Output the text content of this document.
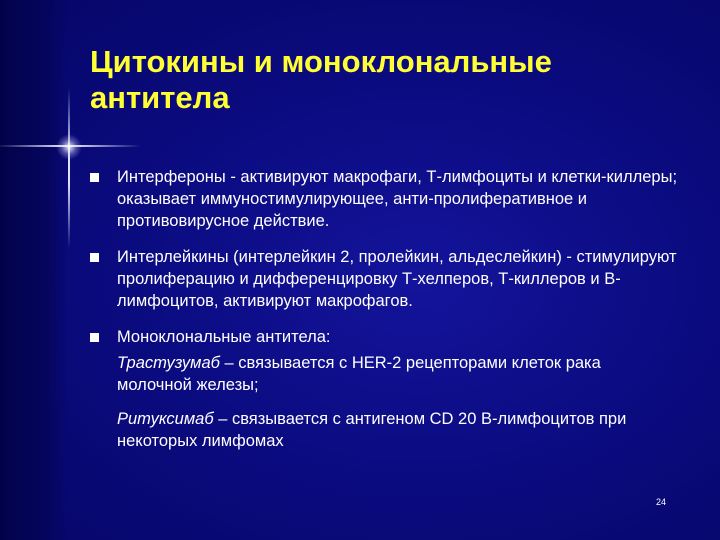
Цитокины и моноклональные антитела
Интерфероны - активируют макрофаги, Т-лимфоциты и клетки-киллеры; оказывает иммуностимулирующее, анти-пролиферативное и противовирусное действие.
Интерлейкины (интерлейкин 2, пролейкин, альдеслейкин) - стимулируют пролиферацию и дифференцировку Т-хелперов, Т-киллеров и В-лимфоцитов, активируют макрофагов.
Моноклональные антитела:
Трастузумаб – связывается с HER-2 рецепторами клеток рака молочной железы;
Ритуксимаб – связывается с антигеном CD 20 В-лимфоцитов при некоторых лимфомах
24
